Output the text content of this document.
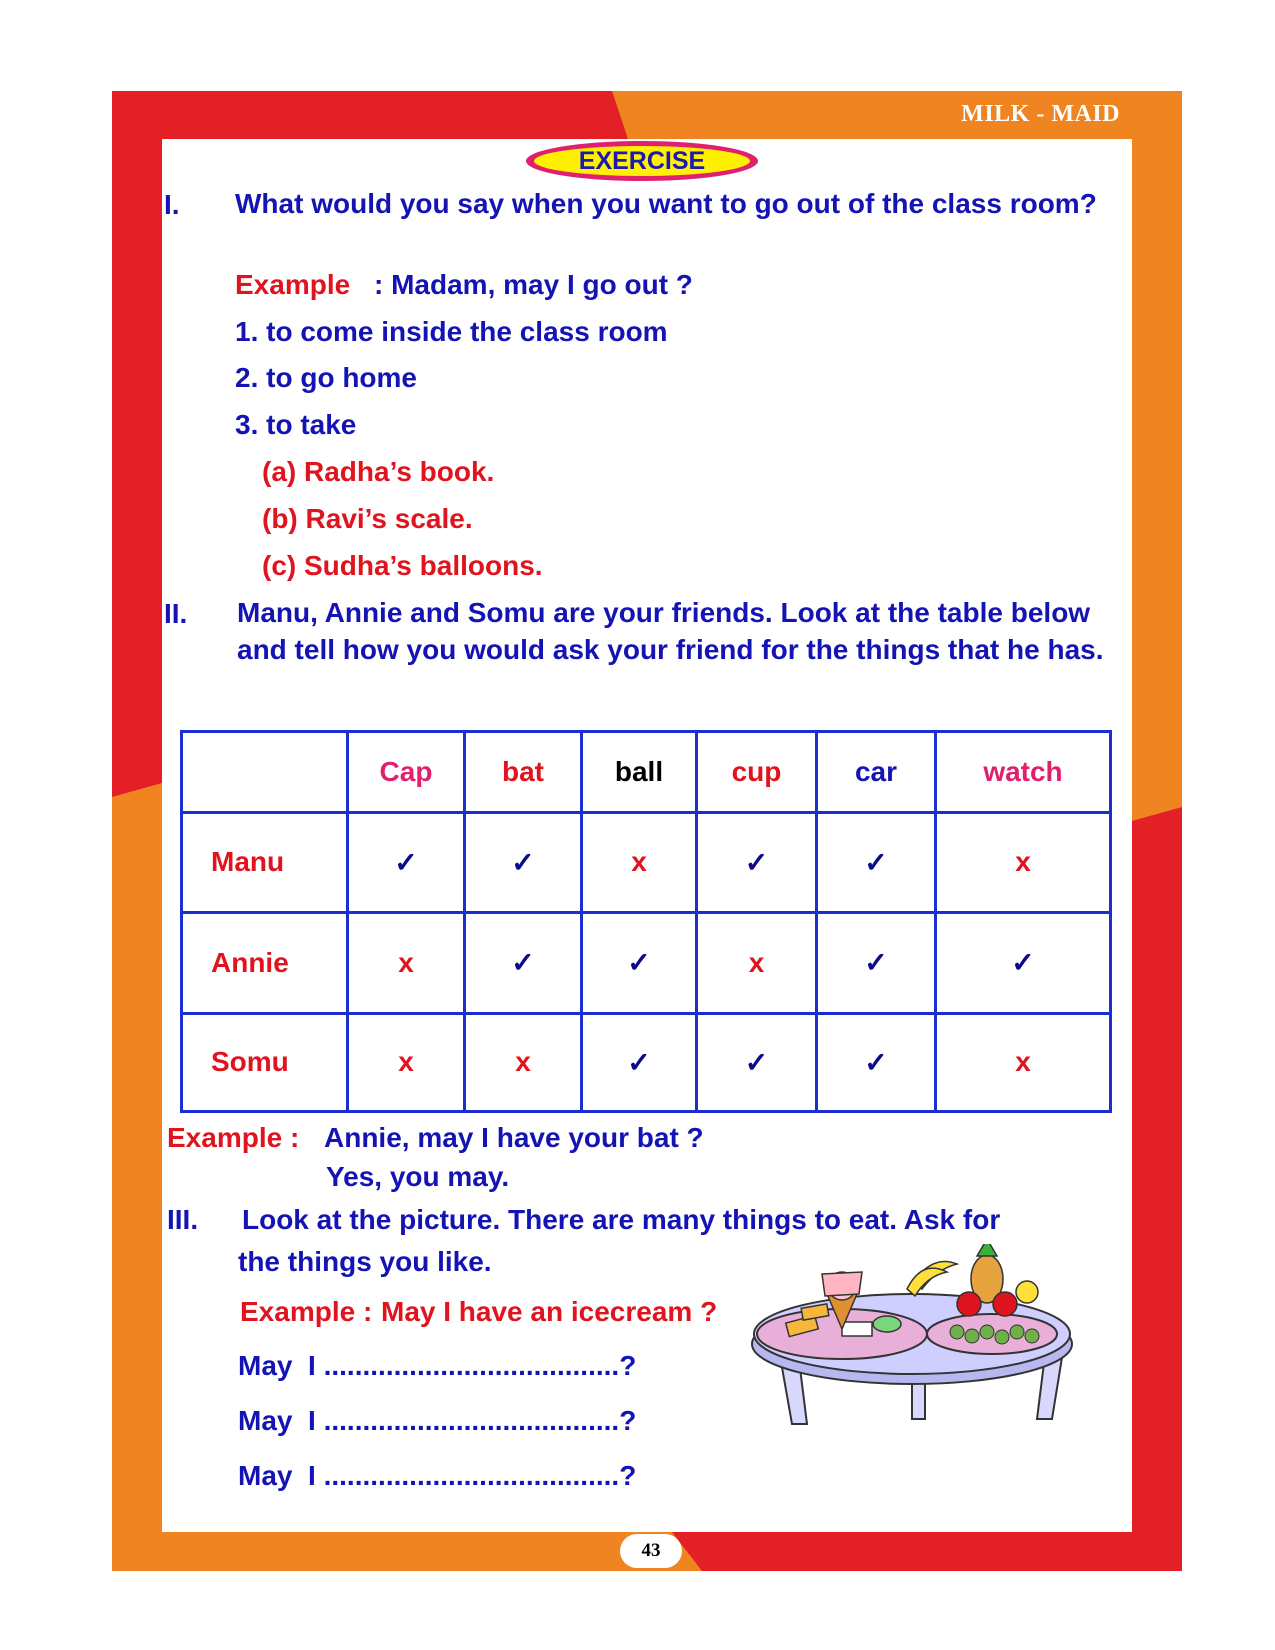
MILK - MAID
EXERCISE
I. What would you say when you want to go out of the class room?
Example : Madam, may I go out ?
1. to come inside the class room
2. to go home
3. to take
(a) Radha’s book.
(b) Ravi’s scale.
(c) Sudha’s balloons.
II. Manu, Annie and Somu are your friends. Look at the table below and tell how you would ask your friend for the things that he has.
	Cap	bat	ball	cup	car	watch
Manu	✓	✓	x	✓	✓	x
Annie	x	✓	✓	x	✓	✓
Somu	x	x	✓	✓	✓	x
Example : Annie, may I have your bat ?
Yes, you may.
III. Look at the picture. There are many things to eat. Ask for
the things you like.
Example : May I have an icecream ?
May  I ......................................?
May  I ......................................?
May  I ......................................?
43
